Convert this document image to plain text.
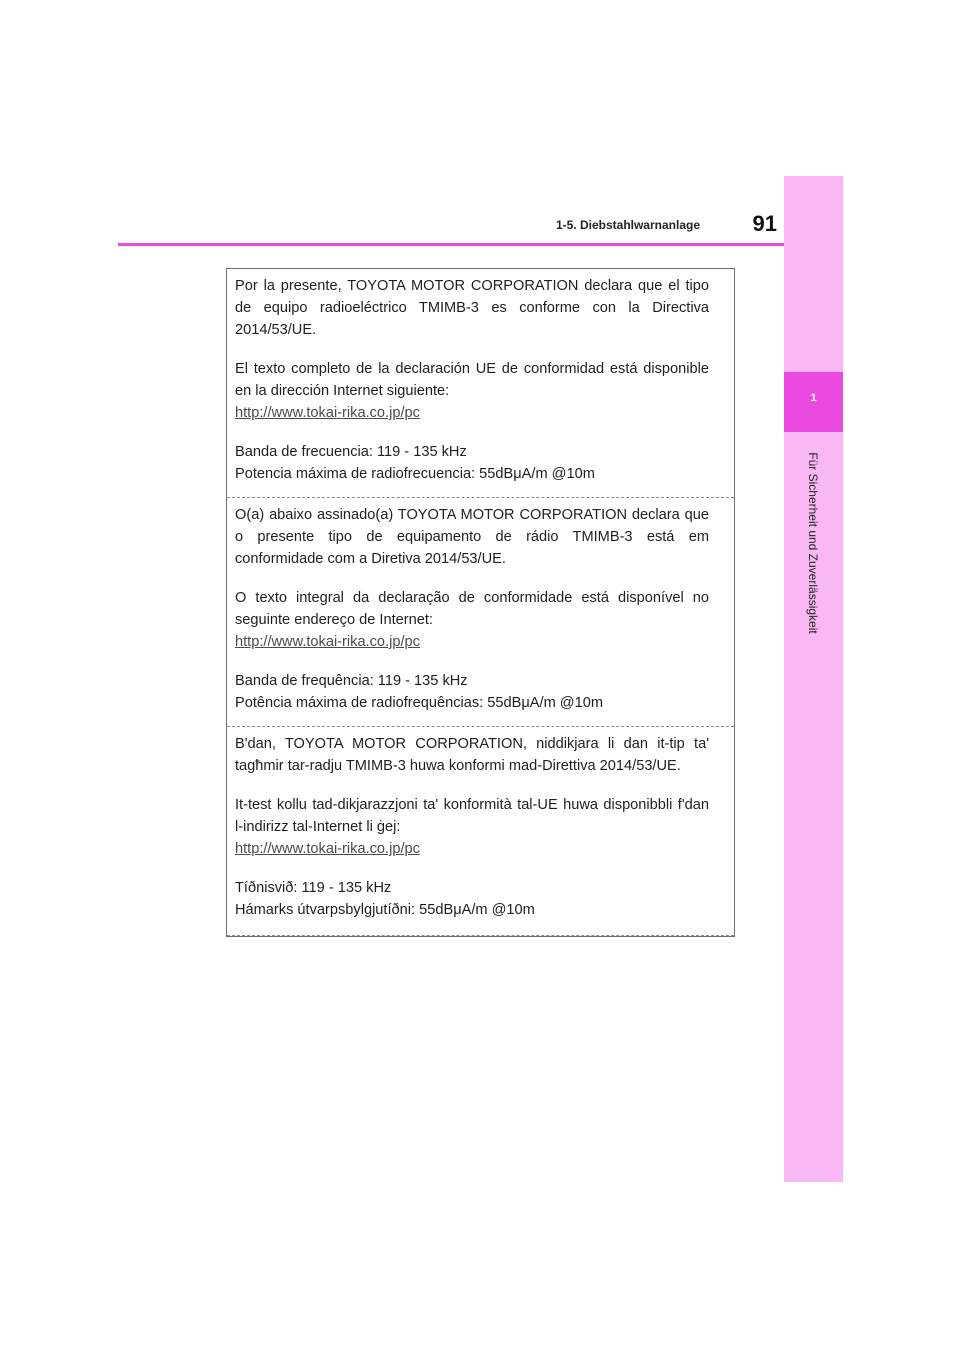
1
Für Sicherheit und Zuverlässigkeit
1-5. Diebstahlwarnanlage 91

Por la presente, TOYOTA MOTOR CORPORATION declara que el tipo de equipo radioeléctrico TMIMB-3 es conforme con la Directiva 2014/53/UE.

El texto completo de la declaración UE de conformidad está disponible en la dirección Internet siguiente:

http://www.tokai-rika.co.jp/pc

Banda de frecuencia: 119 - 135 kHz

Potencia máxima de radiofrecuencia: 55dBμA/m @10m

O(a) abaixo assinado(a) TOYOTA MOTOR CORPORATION declara que o presente tipo de equipamento de rádio TMIMB-3 está em conformidade com a Diretiva 2014/53/UE.

O texto integral da declaração de conformidade está disponível no seguinte endereço de Internet:

http://www.tokai-rika.co.jp/pc

Banda de frequência: 119 - 135 kHz

Potência máxima de radiofrequências: 55dBμA/m @10m

B'dan, TOYOTA MOTOR CORPORATION, niddikjara li dan it-tip ta' tagħmir tar-radju TMIMB-3 huwa konformi mad-Direttiva 2014/53/UE.

It-test kollu tad-dikjarazzjoni ta' konformità tal-UE huwa disponibbli f'dan l-indirizz tal-Internet li ġej:

http://www.tokai-rika.co.jp/pc

Tíðnisvið: 119 - 135 kHz

Hámarks útvarpsbylgjutíðni: 55dBμA/m @10m
